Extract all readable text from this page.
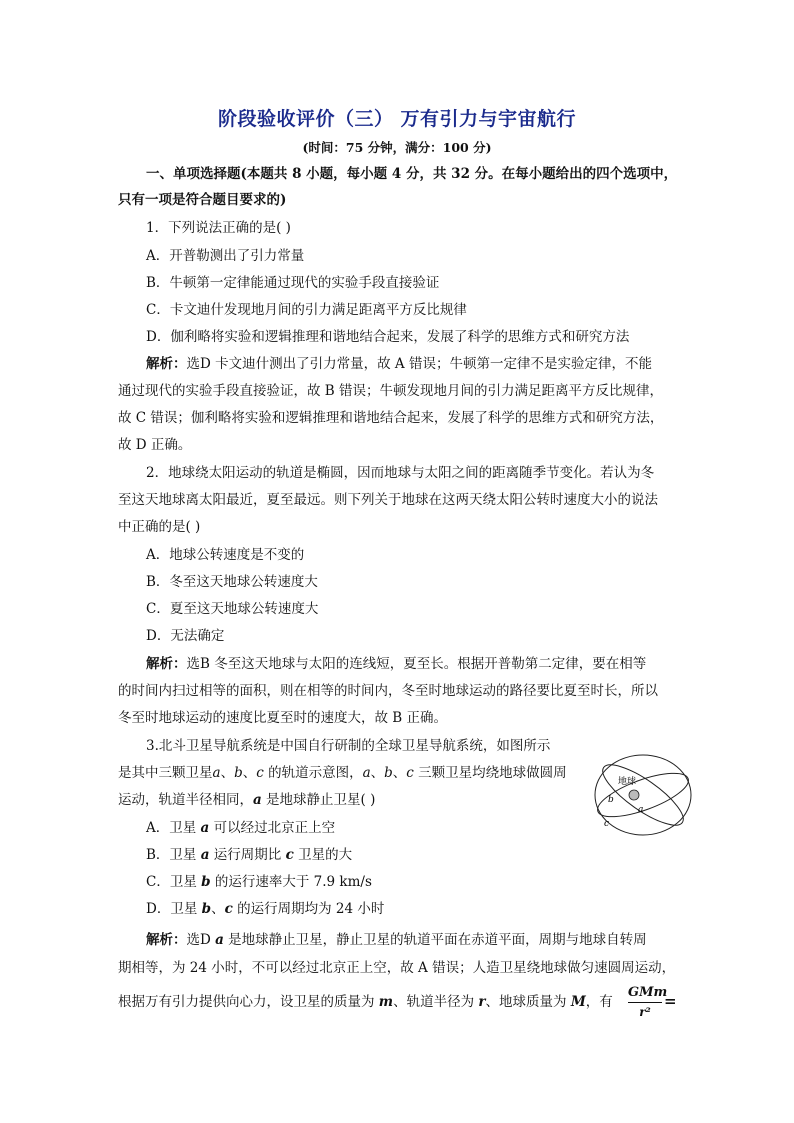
阶段验收评价（三） 万有引力与宇宙航行
(时间：75 分钟，满分：100 分)
一、单项选择题(本题共 8 小题，每小题 4 分，共 32 分。在每小题给出的四个选项中，
只有一项是符合题目要求的)
1．下列说法正确的是( )
A．开普勒测出了引力常量
B．牛顿第一定律能通过现代的实验手段直接验证
C．卡文迪什发现地月间的引力满足距离平方反比规律
D．伽利略将实验和逻辑推理和谐地结合起来，发展了科学的思维方式和研究方法
解析：选D 卡文迪什测出了引力常量，故 A 错误；牛顿第一定律不是实验定律，不能
通过现代的实验手段直接验证，故 B 错误；牛顿发现地月间的引力满足距离平方反比规律，
故 C 错误；伽利略将实验和逻辑推理和谐地结合起来，发展了科学的思维方式和研究方法，
故 D 正确。
2．地球绕太阳运动的轨道是椭圆，因而地球与太阳之间的距离随季节变化。若认为冬
至这天地球离太阳最近，夏至最远。则下列关于地球在这两天绕太阳公转时速度大小的说法
中正确的是( )
A．地球公转速度是不变的
B．冬至这天地球公转速度大
C．夏至这天地球公转速度大
D．无法确定
解析：选B 冬至这天地球与太阳的连线短，夏至长。根据开普勒第二定律，要在相等
的时间内扫过相等的面积，则在相等的时间内，冬至时地球运动的路径要比夏至时长，所以
冬至时地球运动的速度比夏至时的速度大，故 B 正确。
3.北斗卫星导航系统是中国自行研制的全球卫星导航系统，如图所示
是其中三颗卫星a、b、c 的轨道示意图，a、b、c 三颗卫星均绕地球做圆周
运动，轨道半径相同，a 是地球静止卫星( )
A．卫星 a 可以经过北京正上空
B．卫星 a 运行周期比 c 卫星的大
C．卫星 b 的运行速率大于 7.9 km/s
D．卫星 b、c 的运行周期均为 24 小时
地球
b
a
c
解析：选D a 是地球静止卫星，静止卫星的轨道平面在赤道平面，周期与地球自转周
期相等，为 24 小时，不可以经过北京正上空，故 A 错误；人造卫星绕地球做匀速圆周运动，
根据万有引力提供向心力，设卫星的质量为 m、轨道半径为 r、地球质量为 M，有
GMm
r²
=
